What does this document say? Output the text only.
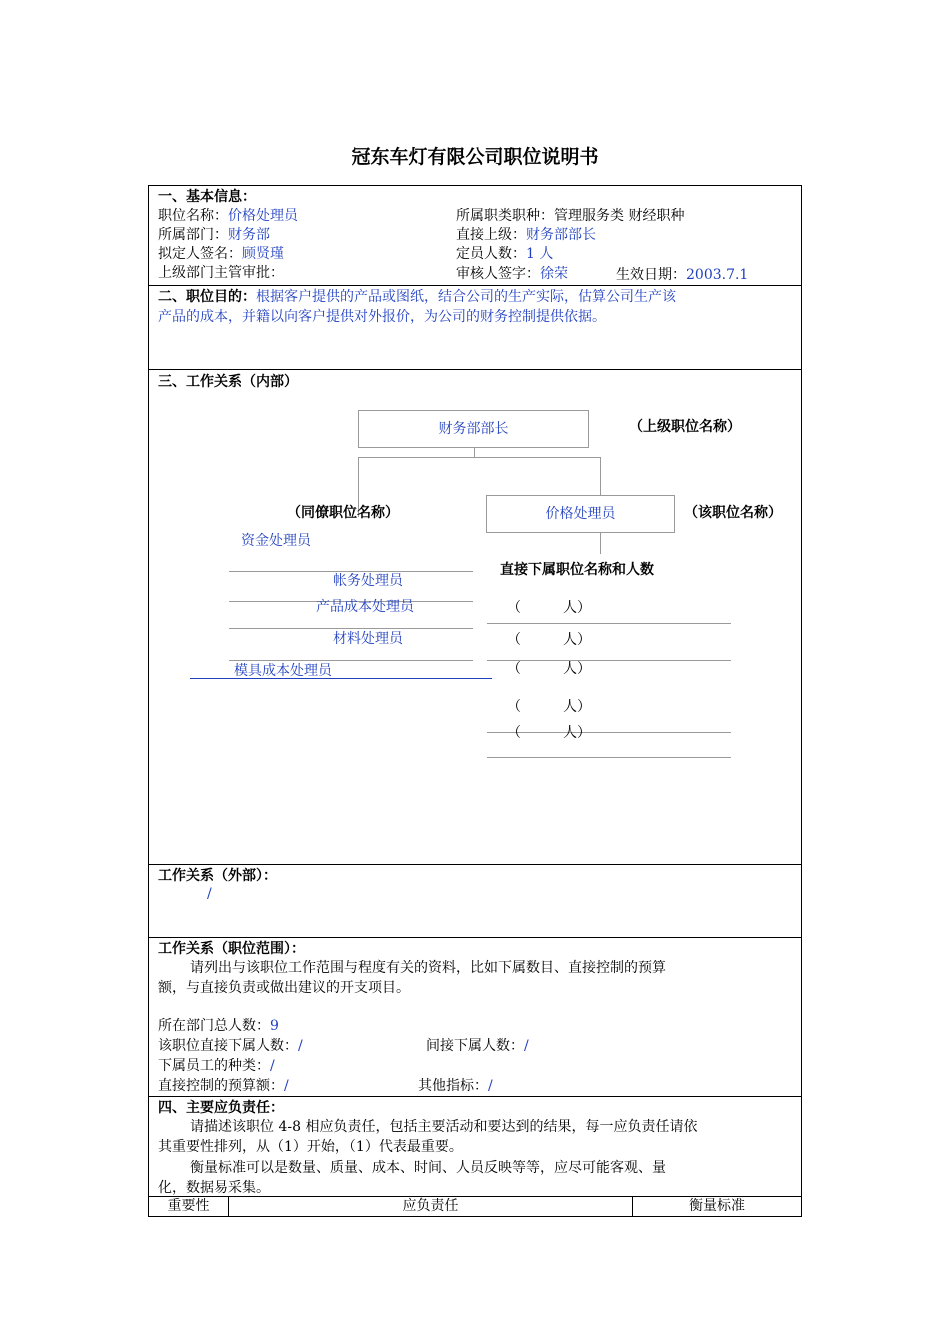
冠东车灯有限公司职位说明书
一、基本信息：
职位名称：价格处理员	所属职类职种：管理服务类 财经职种
所属部门：财务部	直接上级：财务部部长
拟定人签名：顾贤瑾	定员人数：1 人
上级部门主管审批：	审核人签字：徐荣	生效日期：2003.7.1
二、职位目的：根据客户提供的产品或图纸，结合公司的生产实际，估算公司生产该
产品的成本，并籍以向客户提供对外报价，为公司的财务控制提供依据。
三、工作关系（内部）
财务部部长	（上级职位名称）
（同僚职位名称）	价格处理员	（该职位名称）
资金处理员
帐务处理员
产品成本处理员
材料处理员
模具成本处理员
直接下属职位名称和人数
（　　　人）
（　　　人）
（　　　人）
（　　　人）
（　　　人）
工作关系（外部）：
/
工作关系（职位范围）：
请列出与该职位工作范围与程度有关的资料，比如下属数目、直接控制的预算
额，与直接负责或做出建议的开支项目。
所在部门总人数：9
该职位直接下属人数：/	间接下属人数：/
下属员工的种类：/
直接控制的预算额：/	其他指标：/
四、主要应负责任：
请描述该职位 4-8 相应负责任，包括主要活动和要达到的结果，每一应负责任请依
其重要性排列，从（1）开始，（1）代表最重要。
衡量标准可以是数量、质量、成本、时间、人员反映等等，应尽可能客观、量
化，数据易采集。
重要性	应负责任	衡量标准
